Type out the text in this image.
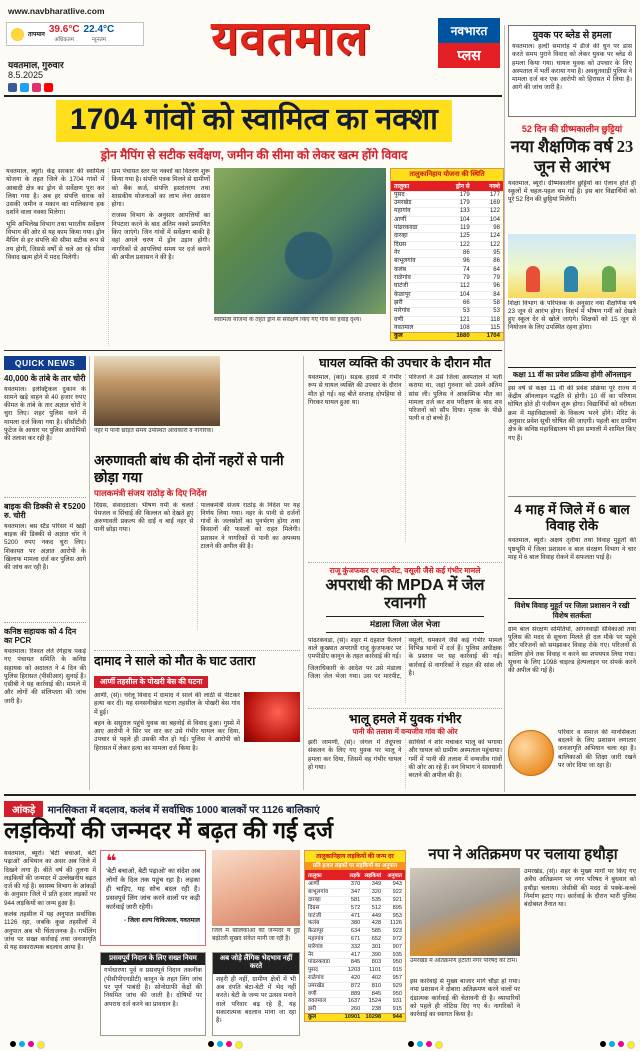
www.navbharatlive.com
तापमान 39.6°C
अधिकतम
22.4°C
न्यूनतम	यवतमाल	नवभारत
प्लस
यवतमाल, गुरुवार
8.5.2025
1704 गांवों को स्वामित्व का नक्शा
ड्रोन मैपिंग से सटीक सर्वेक्षण, जमीन की सीमा को लेकर खत्म होंगे विवाद

यवतमाल, ब्यूरो। केंद्र सरकार की स्वामित्व योजना के तहत जिले के 1704 गांवों में आबादी क्षेत्र का ड्रोन से सर्वेक्षण पूरा कर लिया गया है। अब हर संपत्ति धारक को उसकी जमीन व मकान का मालिकाना हक दर्शाने वाला नक्शा मिलेगा।

भूमि अभिलेख विभाग तथा भारतीय सर्वेक्षण विभाग की ओर से यह काम किया गया। ड्रोन मैपिंग से हर संपत्ति की सीमा सटीक रूप से तय होगी, जिससे वर्षों से चले आ रहे सीमा विवाद खत्म होने में मदद मिलेगी।

ग्राम पंचायत स्तर पर नक्शों का वितरण शुरू किया गया है। संपत्ति पत्रक मिलने से ग्रामीणों को बैंक कर्ज, संपत्ति हस्तांतरण तथा शासकीय योजनाओं का लाभ लेना आसान होगा।

राजस्व विभाग के अनुसार आपत्तियों का निपटारा करने के बाद अंतिम नक्शे प्रमाणित किए जाएंगे। जिन गांवों में सर्वेक्षण बाकी है वहां अगले चरण में ड्रोन उड़ान होगी। नागरिकों से आपत्तियां समय पर दर्ज कराने की अपील प्रशासन ने की है।

स्वामित्व योजना के तहत ड्रोन से सर्वेक्षण किए गए गांव का हवाई दृश्य।
तालुकानिहाय योजना की स्थिति
तालुका	ड्रोन से	नक्शे
पुसद	179	177
उमरखेड	179	169
महागांव	133	122
आर्णी	104	104
पांढरकवडा	119	98
दारव्हा	125	124
दिग्रस	122	122
नेर	86	95
बाभूलगांव	96	86
कलंब	74	64
राळेगांव	79	79
घाटंजी	112	96
केळापूर	104	84
झरी	66	58
मारेगांव	53	53
वणी	121	118
यवतमाल	108	115
कुल	1680	1704
QUICK NEWS
40,000 के तांबे के तार चोरी
यवतमाल। इलेक्ट्रिकल दुकान के सामने खड़े वाहन से 40 हजार रुपए कीमत के तांबे के तार अज्ञात चोरों ने चुरा लिए। शहर पुलिस थाने में मामला दर्ज किया गया है। सीसीटीवी फुटेज के आधार पर पुलिस आरोपियों की तलाश कर रही है।
बाइक की डिक्की से ₹5200 रु. चोरी
यवतमाल। बस स्टैंड परिसर में खड़ी बाइक की डिक्की से अज्ञात चोर ने 5200 रुपए नकद चुरा लिए। शिकायत पर अज्ञात आरोपी के खिलाफ मामला दर्ज कर पुलिस आगे की जांच कर रही है।
कनिष्ठ सहायक को 4 दिन का PCR
यवतमाल। रिश्वत लेते रंगेहाथ पकड़े गए पंचायत समिति के कनिष्ठ सहायक को अदालत ने 4 दिन की पुलिस हिरासत (पीसीआर) सुनाई है। एसीबी ने यह कार्रवाई की। मामले में और लोगों की संलिप्तता की जांच जारी है।
नहर में पानी छोड़ते समय उपस्थित अधिकारी व नागरिक।
अरुणावती बांध की दोनों नहरों से पानी छोड़ा गया
पालकमंत्री संजय राठोड़ के दिए निर्देश

दिग्रस, संवाददाता। भीषण गर्मी के चलते पेयजल व सिंचाई की किल्लत को देखते हुए अरुणावती प्रकल्प की दाईं व बाईं नहर से पानी छोड़ा गया।

पालकमंत्री संजय राठोड़ के निर्देश पर यह निर्णय लिया गया। नहर के पानी से दर्जनों गांवों के जलस्रोतों का पुनर्भरण होगा तथा किसानों की फसलों को राहत मिलेगी। प्रशासन ने नागरिकों से पानी का अपव्यय टालने की अपील की है।

दामाद ने साले को मौत के घाट उतारा
आर्णी तहसील के पोखरी बेस की घटना

आर्णी, (सं)। घरेलू विवाद में दामाद ने साले की लाठी से पीटकर हत्या कर दी। यह सनसनीखेज घटना तहसील के पोखरी बेस गांव में हुई।

बहन के ससुराल पहुंचे युवक का बहनोई से विवाद हुआ। गुस्से में आए आरोपी ने सिर पर वार कर उसे गंभीर घायल कर दिया, उपचार से पहले ही उसकी मौत हो गई। पुलिस ने आरोपी को हिरासत में लेकर हत्या का मामला दर्ज किया है।

घायल व्यक्ति की उपचार के दौरान मौत

यवतमाल, (का)। सड़क हादसे में गंभीर रूप से घायल व्यक्ति की उपचार के दौरान मौत हो गई। वह बीते सप्ताह दोपहिया से गिरकर घायल हुआ था।

परिजनों ने उसे जिला अस्पताल में भर्ती कराया था, जहां गुरुवार को उसने अंतिम सांस ली। पुलिस ने आकस्मिक मौत का मामला दर्ज कर शव परीक्षण के बाद शव परिजनों को सौंप दिया। मृतक के पीछे पत्नी व दो बच्चे हैं।

राजू कुंजफकर पर मारपीट, वसूली जैसे कई गंभीर मामले
अपराधी की MPDA में जेल रवानगी
मंडाला जिला जेल भेजा

पांढरकवडा, (सं)। शहर में दहशत फैलाने वाले कुख्यात अपराधी राजू कुंजफकर पर एमपीडीए कानून के तहत कार्रवाई की गई।

जिलाधिकारी के आदेश पर उसे मंडाला जिला जेल भेजा गया। उस पर मारपीट, वसूली, धमकाने जैसे कई गंभीर मामले विभिन्न थानों में दर्ज हैं। पुलिस अधीक्षक के प्रस्ताव पर यह कार्रवाई की गई। कार्रवाई से नागरिकों ने राहत की सांस ली है।

भालू हमले में युवक गंभीर
पानी की तलाश में वन्यजीव गांव की ओर

झरी जामणी, (सं)। जंगल में तेंदूपत्ता संकलन के लिए गए युवक पर भालू ने हमला कर दिया, जिसमें वह गंभीर घायल हो गया।

साथियों ने शोर मचाकर भालू को भगाया और घायल को ग्रामीण अस्पताल पहुंचाया। गर्मी में पानी की तलाश में वन्यजीव गांवों की ओर आ रहे हैं। वन विभाग ने सावधानी बरतने की अपील की है।

युवक पर ब्लेड से हमला
यवतमाल। हल्दी समारोह में डीजे की धुन पर डांस करते समय पुराने विवाद को लेकर युवक पर ब्लेड से हमला किया गया। घायल युवक को उपचार के लिए अस्पताल में भर्ती कराया गया है। अवधूतवाड़ी पुलिस ने मामला दर्ज कर एक आरोपी को हिरासत में लिया है। आगे की जांच जारी है।
52 दिन की ग्रीष्मकालीन छुट्टियां
नया शैक्षणिक वर्ष 23 जून से आरंभ
यवतमाल, ब्यूरो। ग्रीष्मकालीन छुट्टियों का ऐलान होते ही स्कूलों में चहल-पहल थम गई है। इस बार विद्यार्थियों को पूरे 52 दिन की छुट्टियां मिलेंगी।
शिक्षा विभाग के परिपत्रक के अनुसार नया शैक्षणिक वर्ष 23 जून से आरंभ होगा। विदर्भ में भीषण गर्मी को देखते हुए स्कूल देर से खोले जाएंगे। शिक्षकों को 15 जून से नियोजन के लिए उपस्थित रहना होगा।
कक्षा 11 वीं का प्रवेश प्रक्रिया होगी ऑनलाइन
इस वर्ष से कक्षा 11 वीं की प्रवेश प्रक्रिया पूरे राज्य में केंद्रीय ऑनलाइन पद्धति से होगी। 10 वीं का परिणाम घोषित होते ही पंजीयन शुरू होगा। विद्यार्थियों को वरीयता क्रम में महाविद्यालयों के विकल्प भरने होंगे। मेरिट के अनुसार प्रवेश सूची घोषित की जाएगी। पहली बार ग्रामीण क्षेत्र के कनिष्ठ महाविद्यालय भी इस प्रणाली में शामिल किए गए हैं।
4 माह में जिले में 6 बाल विवाह रोके
यवतमाल, ब्यूरो। अक्षय तृतीया तथा विवाह मुहूर्तों की पृष्ठभूमि में जिला प्रशासन व बाल संरक्षण विभाग ने चार माह में 6 बाल विवाह रोकने में सफलता पाई है।
विशेष विवाह मुहूर्त पर जिला प्रशासन ने रखी विशेष सतर्कता
ग्राम बाल संरक्षण समितियों, आंगनवाड़ी सेविकाओं तथा पुलिस की मदद से सूचना मिलते ही दल मौके पर पहुंचे और परिजनों को समझाकर विवाह रोके गए। परिजनों से बालिग होने तक विवाह न करने का शपथपत्र लिया गया। सूचना के लिए 1098 चाइल्ड हेल्पलाइन पर संपर्क करने की अपील की गई है।
परिवार व समाज की मानसिकता बदलने के लिए प्रशासन लगातार जनजागृति अभियान चला रहा है। बालिकाओं की शिक्षा जारी रखने पर जोर दिया जा रहा है।
आंकड़े मानसिकता में बदलाव, कलंब में सर्वाधिक 1000 बालकों पर 1126 बालिकाएं
लड़कियों की जन्मदर में बढ़त की गई दर्ज

यवतमाल, ब्यूरो। 'बेटी बचाओ, बेटी पढ़ाओ' अभियान का असर अब जिले में दिखने लगा है। बीते वर्ष की तुलना में लड़कियों की जन्मदर में उल्लेखनीय बढ़त दर्ज की गई है। स्वास्थ्य विभाग के आंकड़ों के अनुसार जिले में प्रति हजार लड़कों पर 944 लड़कियों का जन्म हुआ है।

कलंब तहसील में यह अनुपात सर्वाधिक 1126 रहा, जबकि कुछ तहसीलों में अनुपात अब भी चिंताजनक है। गर्भलिंग जांच पर सख्त कार्रवाई तथा जनजागृति से यह सकारात्मक बदलाव आया है।

❝
'बेटी बचाओ, बेटी पढ़ाओ' का संदेश अब लोगों के दिल तक पहुंच रहा है। लड़का ही चाहिए, यह सोच बदल रही है। प्रसवपूर्व लिंग जांच करने वालों पर कड़ी कार्रवाई जारी रहेगी।
- जिला शल्य चिकित्सक, यवतमाल
प्रसवपूर्व निदान के लिए सख्त नियम
गर्भधारणा पूर्व व प्रसवपूर्व निदान तकनीक (पीसीपीएनडीटी) कानून के तहत लिंग जांच पर पूर्ण पाबंदी है। सोनोग्राफी केंद्रों की नियमित जांच की जाती है। दोषियों पर अपराध दर्ज करने का प्रावधान है।
जिले में बालिकाओं की जन्मदर में हुई बढ़ोतरी सुखद संकेत मानी जा रही है।
अब जोड़े लैंगिक भेदभाव नहीं करते
शहरी ही नहीं, ग्रामीण क्षेत्रों में भी अब दंपति बेटा-बेटी में भेद नहीं करते। बेटी के जन्म पर उत्सव मनाने वाले परिवार बढ़ रहे हैं, यह सकारात्मक बदलाव माना जा रहा है।
तालुकानिहाय लड़कियों की जन्म दर
प्रति हजार लड़कों पर लड़कियों का अनुपात
तालुका	लड़के लड़कियां	अनुपात
आर्णी	370	349	943
बाभूलगांव	347	320	922
दारव्हा	581	535	921
दिग्रस	572	512	895
घाटंजी	471	449	953
कलंब	380	428	1126
केळापूर	634	585	923
महागांव	671	652	972
मारेगांव	332	301	907
नेर	417	390	935
पांढरकवडा	845	803	950
पुसद	1203	1101	915
राळेगांव	420	402	957
उमरखेड	872	810	929
वणी	889	845	950
यवतमाल	1637	1524	931
झरी	260	238	915
कुल	10901 10298	944
नपा ने अतिक्रमण पर चलाया हथौड़ा
उमरखेड में अतिक्रमण हटाती नगर परिषद की टीम।
इस कार्रवाई से मुख्य बाजार मार्ग चौड़ा हो गया। नपा प्रशासन ने दोबारा अतिक्रमण करने वालों पर दंडात्मक कार्रवाई की चेतावनी दी है। व्यापारियों को पहले ही नोटिस दिए गए थे। नागरिकों ने कार्रवाई का स्वागत किया है।
उमरखेड, (सं)। शहर के मुख्य मार्गों पर किए गए अवैध अतिक्रमण पर नगर परिषद ने बुधवार को हथौड़ा चलाया। जेसीबी की मदद से पक्के-कच्चे निर्माण हटाए गए। कार्रवाई के दौरान भारी पुलिस बंदोबस्त तैनात था।
